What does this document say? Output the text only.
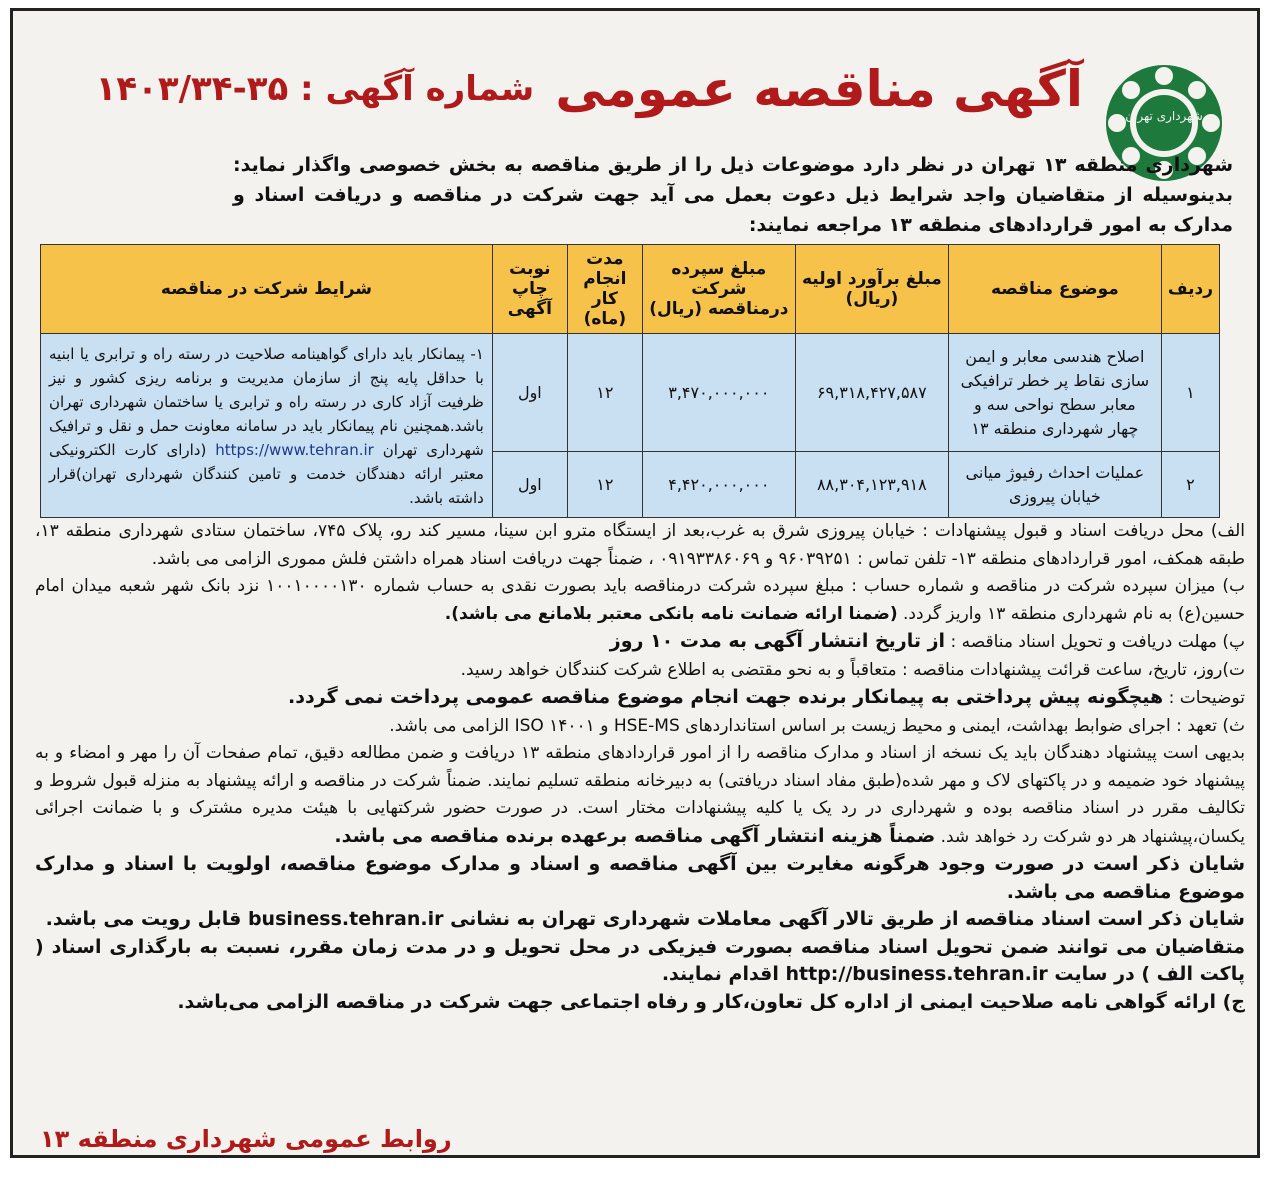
شهرداری تهران
آگهی مناقصه عمومی شماره آگهی : ۳۵-۱۴۰۳/۳۴
شهرداری منطقه ۱۳ تهران در نظر دارد موضوعات ذیل را از طریق مناقصه به بخش خصوصی واگذار نماید: بدینوسیله از متقاضیان واجد شرایط ذیل دعوت بعمل می آید جهت شرکت در مناقصه و دریافت اسناد و مدارک به امور قراردادهای منطقه ۱۳ مراجعه نمایند:
ردیف	موضوع مناقصه	مبلغ برآورد اولیه (ریال)	مبلغ سپرده شرکت درمناقصه (ریال)	مدت انجام کار (ماه)	نوبت چاپ آگهی	شرایط شرکت در مناقصه
۱	اصلاح هندسی معابر و ایمن سازی نقاط پر خطر ترافیکی معابر سطح نواحی سه و چهار شهرداری منطقه ۱۳	۶۹,۳۱۸,۴۲۷,۵۸۷	۳,۴۷۰,۰۰۰,۰۰۰	۱۲	اول	۱- پیمانکار باید دارای گواهینامه صلاحیت در رسته راه و ترابری یا ابنیه با حداقل پایه پنج از سازمان مدیریت و برنامه ریزی کشور و نیز ظرفیت آزاد کاری در رسته راه و ترابری یا ساختمان شهرداری تهران باشد.همچنین نام پیمانکار باید در سامانه معاونت حمل و نقل و ترافیک شهرداری تهران https://www.tehran.ir (دارای کارت الکترونیکی معتبر ارائه دهندگان خدمت و تامین کنندگان شهرداری تهران)قرار داشته باشد.
۲	عملیات احداث رفیوژ میانی خیابان پیروزی	۸۸,۳۰۴,۱۲۳,۹۱۸	۴,۴۲۰,۰۰۰,۰۰۰	۱۲	اول	

الف) محل دریافت اسناد و قبول پیشنهادات : خیابان پیروزی شرق به غرب،بعد از ایستگاه مترو ابن سینا، مسیر کند رو، پلاک ۷۴۵، ساختمان ستادی شهرداری منطقه ۱۳، طبقه همکف، امور قراردادهای منطقه ۱۳- تلفن تماس : ۹۶۰۳۹۲۵۱ و ۰۹۱۹۳۳۸۶۰۶۹ ، ضمناً جهت دریافت اسناد همراه داشتن فلش مموری الزامی می باشد.

ب) میزان سپرده شرکت در مناقصه و شماره حساب : مبلغ سپرده شرکت درمناقصه باید بصورت نقدی به حساب شماره ۱۰۰۱۰۰۰۰۱۳۰ نزد بانک شهر شعبه میدان امام حسین(ع) به نام شهرداری منطقه ۱۳ واریز گردد. (ضمنا ارائه ضمانت نامه بانکی معتبر بلامانع می باشد).

پ) مهلت دریافت و تحویل اسناد مناقصه : از تاریخ انتشار آگهی به مدت ۱۰ روز

ت)روز، تاریخ، ساعت قرائت پیشنهادات مناقصه : متعاقباً و به نحو مقتضی به اطلاع شرکت کنندگان خواهد رسید.

توضیحات : هیچگونه پیش پرداختی به پیمانکار برنده جهت انجام موضوع مناقصه عمومی پرداخت نمی گردد.

ث) تعهد : اجرای ضوابط بهداشت، ایمنی و محیط زیست بر اساس استانداردهای HSE-MS و ISO ۱۴۰۰۱ الزامی می باشد.

بدیهی است پیشنهاد دهندگان باید یک نسخه از اسناد و مدارک مناقصه را از امور قراردادهای منطقه ۱۳ دریافت و ضمن مطالعه دقیق، تمام صفحات آن را مهر و امضاء و به پیشنهاد خود ضمیمه و در پاکتهای لاک و مهر شده(طبق مفاد اسناد دریافتی) به دبیرخانه منطقه تسلیم نمایند. ضمناً شرکت در مناقصه و ارائه پیشنهاد به منزله قبول شروط و تکالیف مقرر در اسناد مناقصه بوده و شهرداری در رد یک یا کلیه پیشنهادات مختار است. در صورت حضور شرکتهایی با هیئت مدیره مشترک و با ضمانت اجرائی یکسان،پیشنهاد هر دو شرکت رد خواهد شد. ضمناً هزینه انتشار آگهی مناقصه برعهده برنده مناقصه می باشد.

شایان ذکر است در صورت وجود هرگونه مغایرت بین آگهی مناقصه و اسناد و مدارک موضوع مناقصه، اولویت با اسناد و مدارک موضوع مناقصه می باشد.

شایان ذکر است اسناد مناقصه از طریق تالار آگهی معاملات شهرداری تهران به نشانی business.tehran.ir قابل رویت می باشد.

متقاضیان می توانند ضمن تحویل اسناد مناقصه بصورت فیزیکی در محل تحویل و در مدت زمان مقرر، نسبت به بارگذاری اسناد ( پاکت الف ) در سایت http://business.tehran.ir اقدام نمایند.

ج) ارائه گواهی نامه صلاحیت ایمنی از اداره کل تعاون،کار و رفاه اجتماعی جهت شرکت در مناقصه الزامی می‌باشد.

روابط عمومی شهرداری منطقه ۱۳
